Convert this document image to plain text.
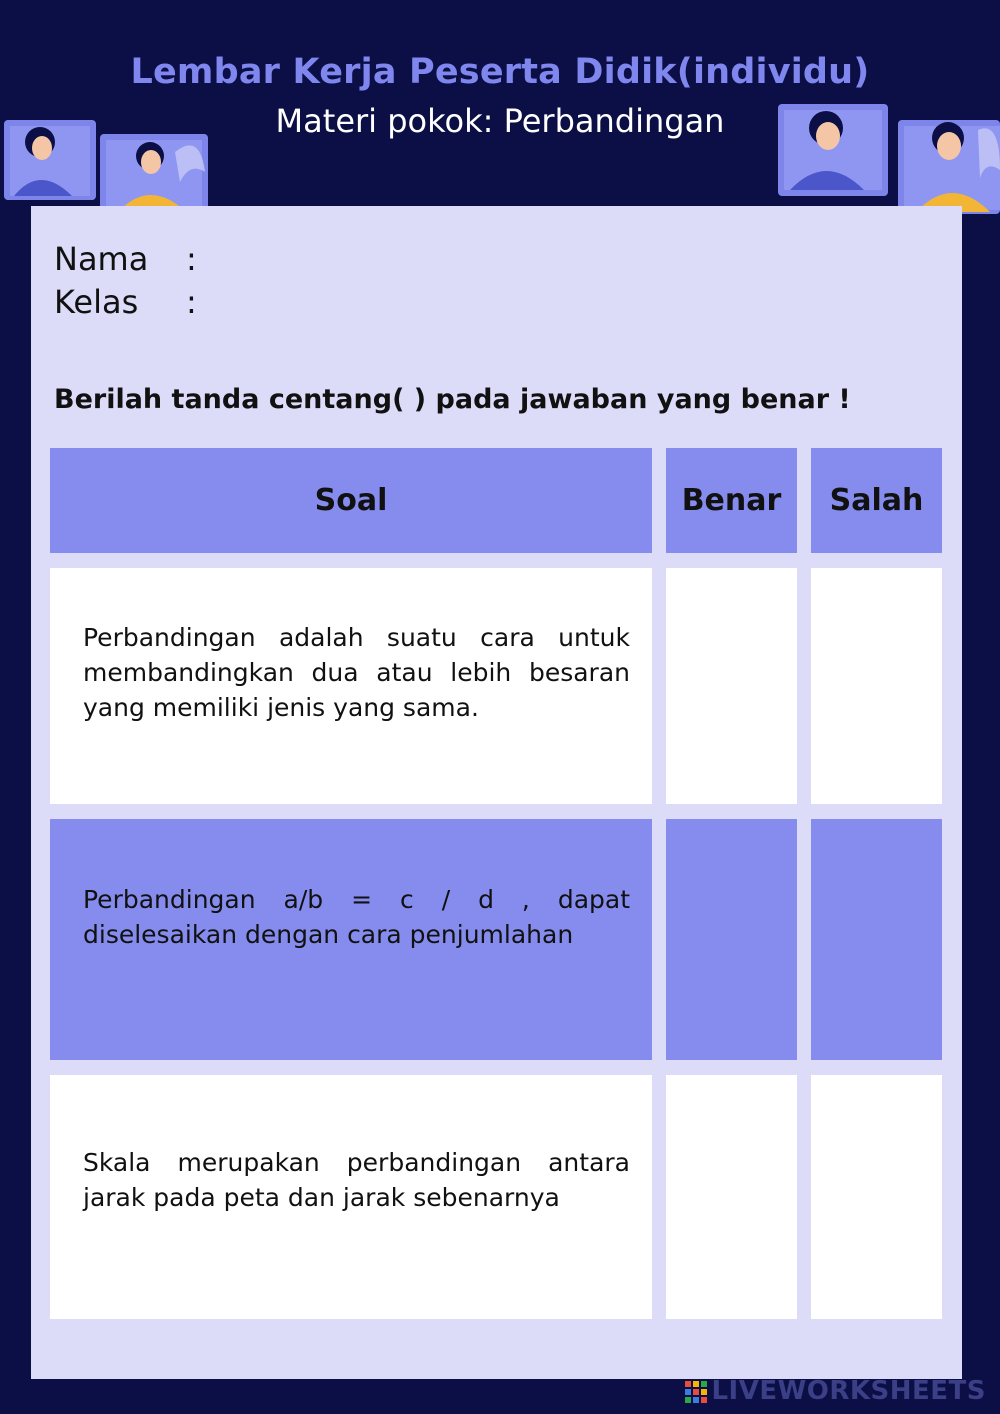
Lembar Kerja Peserta Didik(individu)
Materi pokok: Perbandingan
Nama :
Kelas :
Berilah tanda centang( ) pada jawaban yang benar !
Soal	Benar Salah
Perbandingan adalah suatu cara untuk membandingkan dua atau lebih besaran yang memiliki jenis yang sama.
Perbandingan a/b = c / d , dapat diselesaikan dengan cara penjumlahan
Skala merupakan perbandingan antara jarak pada peta dan jarak sebenarnya
LIVEWORKSHEETS
